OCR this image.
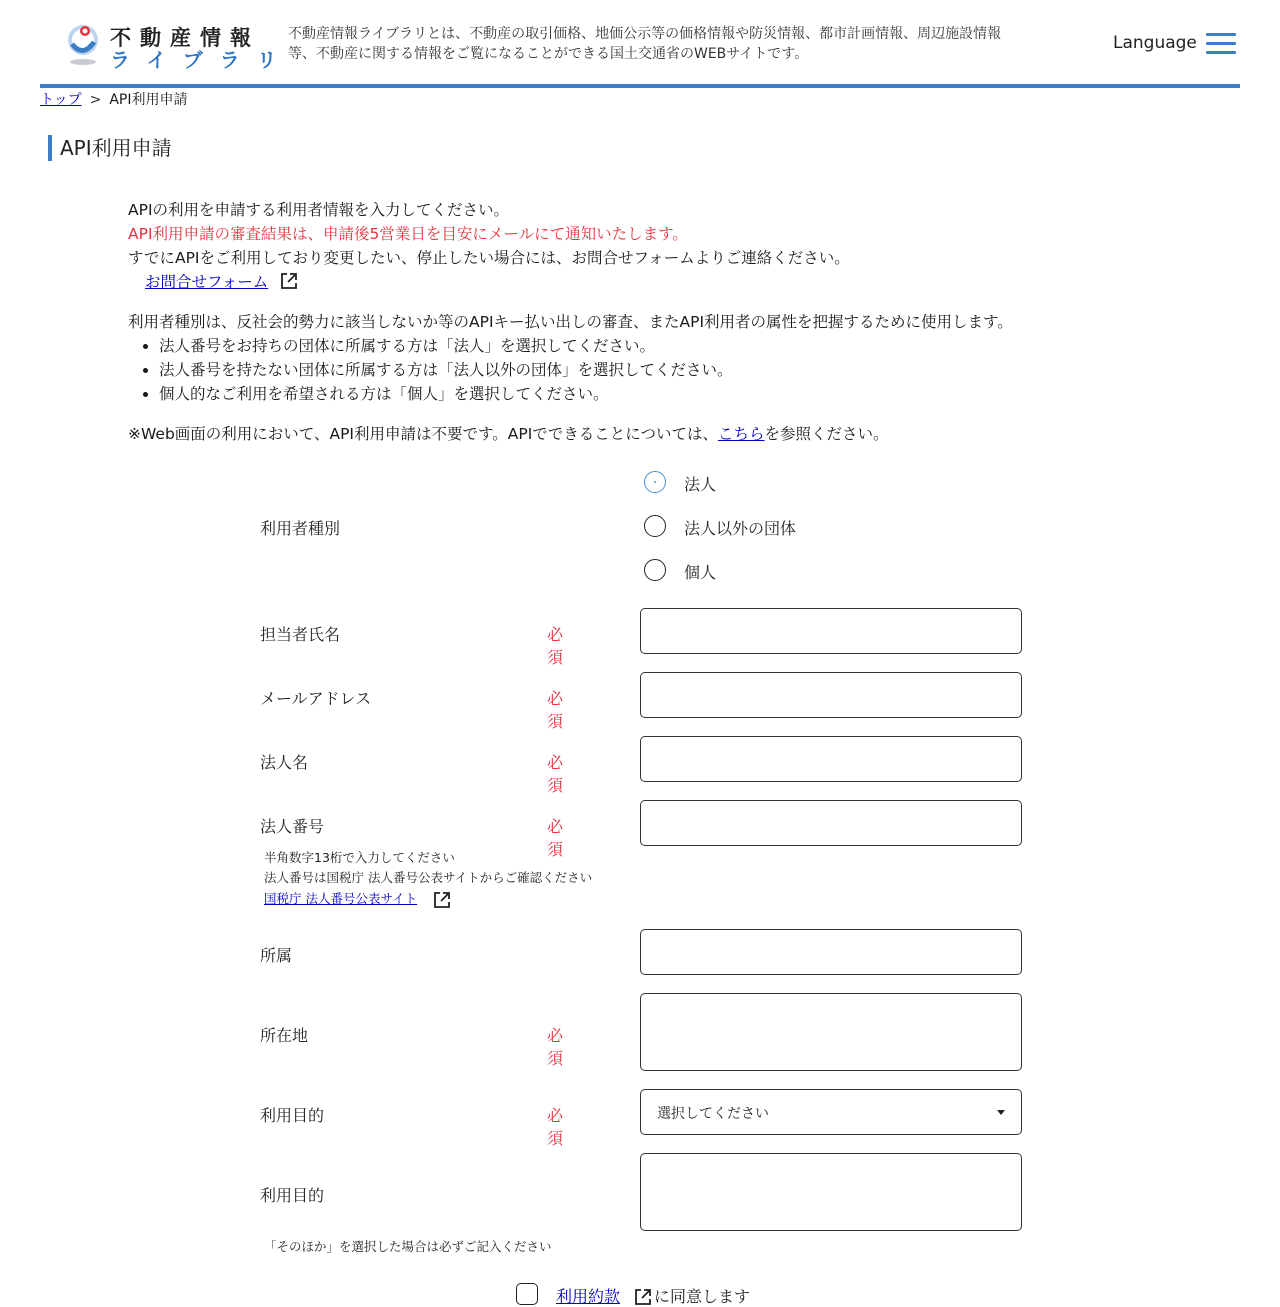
不動産情報
ライブラリ
不動産情報ライブラリとは、不動産の取引価格、地価公示等の価格情報や防災情報、都市計画情報、周辺施設情報等、不動産に関する情報をご覧になることができる国土交通省のWEBサイトです。
Language
トップ > API利用申請
API利用申請

APIの利用を申請する利用者情報を入力してください。

API利用申請の審査結果は、申請後5営業日を目安にメールにて通知いたします。

すでにAPIをご利用しており変更したい、停止したい場合には、お問合せフォームよりご連絡ください。

お問合せフォーム

利用者種別は、反社会的勢力に該当しないか等のAPIキー払い出しの審査、またAPI利用者の属性を把握するために使用します。

• 法人番号をお持ちの団体に所属する方は「法人」を選択してください。
• 法人番号を持たない団体に所属する方は「法人以外の団体」を選択してください。
• 個人的なご利用を希望される方は「個人」を選択してください。

※Web画面の利用において、API利用申請は不要です。APIでできることについては、こちらを参照ください。

利用者種別
法人
法人以外の団体
個人
担当者氏名	必須
メールアドレス	必須
法人名	必須
法人番号	必須
半角数字13桁で入力してください
法人番号は国税庁 法人番号公表サイトからご確認ください
国税庁 法人番号公表サイト
所属
所在地	必須
利用目的	必須
選択してください
利用目的
「そのほか」を選択した場合は必ずご記入ください
利用約款 に同意します
